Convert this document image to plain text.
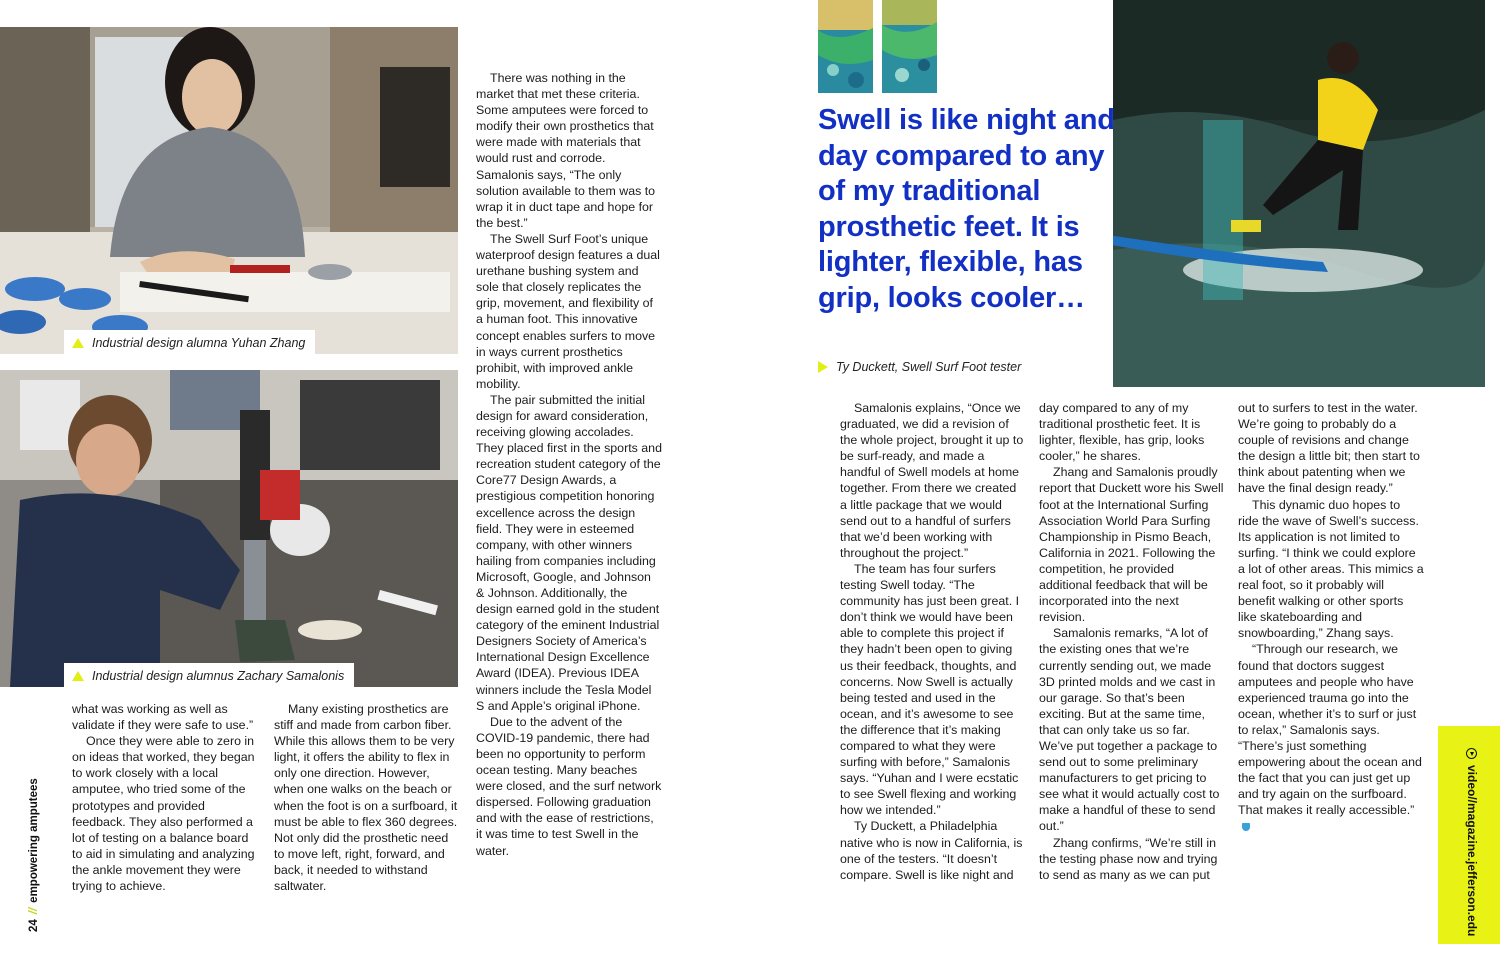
Industrial design alumna Yuhan Zhang
Industrial design alumnus Zachary Samalonis
Swell is like night and day compared to any of my traditional prosthetic feet. It is lighter, flexible, has grip, looks cooler…
Ty Duckett, Swell Surf Foot tester

There was nothing in the market that met these criteria. Some amputees were forced to modify their own prosthetics that were made with materials that would rust and corrode. Samalonis says, “The only solution available to them was to wrap it in duct tape and hope for the best.”

The Swell Surf Foot’s unique waterproof design features a dual urethane bushing system and sole that closely replicates the grip, movement, and flexibility of a human foot. This innovative concept enables surfers to move in ways current prosthetics prohibit, with improved ankle mobility.

The pair submitted the initial design for award consideration, receiving glowing accolades. They placed first in the sports and recreation student category of the Core77 Design Awards, a prestigious competition honoring excellence across the design field. They were in esteemed company, with other winners hailing from companies including Microsoft, Google, and Johnson & Johnson. Additionally, the design earned gold in the student category of the eminent Industrial Designers Society of America’s International Design Excellence Award (IDEA). Previous IDEA winners include the Tesla Model S and Apple’s original iPhone.

Due to the advent of the COVID-19 pandemic, there had been no opportunity to perform ocean testing. Many beaches were closed, and the surf network dispersed. Following graduation and with the ease of restrictions, it was time to test Swell in the water.

what was working as well as validate if they were safe to use.”

Once they were able to zero in on ideas that worked, they began to work closely with a local amputee, who tried some of the prototypes and provided feedback. They also performed a lot of testing on a balance board to aid in simulating and analyzing the ankle movement they were trying to achieve.

Many existing prosthetics are stiff and made from carbon fiber. While this allows them to be very light, it offers the ability to flex in only one direction. However, when one walks on the beach or when the foot is on a surfboard, it must be able to flex 360 degrees. Not only did the prosthetic need to move left, right, forward, and back, it needed to withstand saltwater.

Samalonis explains, “Once we graduated, we did a revision of the whole project, brought it up to be surf-ready, and made a handful of Swell models at home together. From there we created a little package that we would send out to a handful of surfers that we’d been working with throughout the project.”

The team has four surfers testing Swell today. “The community has just been great. I don’t think we would have been able to complete this project if they hadn’t been open to giving us their feedback, thoughts, and concerns. Now Swell is actually being tested and used in the ocean, and it’s awesome to see the difference that it’s making compared to what they were surfing with before,” Samalonis says. “Yuhan and I were ecstatic to see Swell flexing and working how we intended.”

Ty Duckett, a Philadelphia native who is now in California, is one of the testers. “It doesn’t compare. Swell is like night and

day compared to any of my traditional prosthetic feet. It is lighter, flexible, has grip, looks cooler,” he shares.

Zhang and Samalonis proudly report that Duckett wore his Swell foot at the International Surfing Association World Para Surfing Championship in Pismo Beach, California in 2021. Following the competition, he provided additional feedback that will be incorporated into the next revision.

Samalonis remarks, “A lot of the existing ones that we’re currently sending out, we made 3D printed molds and we cast in our garage. So that’s been exciting. But at the same time, that can only take us so far. We’ve put together a package to send out to some preliminary manufacturers to get pricing to see what it would actually cost to make a handful of these to send out.”

Zhang confirms, “We’re still in the testing phase now and trying to send as many as we can put

out to surfers to test in the water. We’re going to probably do a couple of revisions and change the design a little bit; then start to think about patenting when we have the final design ready.”

This dynamic duo hopes to ride the wave of Swell’s success. Its application is not limited to surfing. “I think we could explore a lot of other areas. This mimics a real foot, so it probably will benefit walking or other sports like skateboarding and snowboarding,” Zhang says.

“Through our research, we found that doctors suggest amputees and people who have experienced trauma go into the ocean, whether it’s to surf or just to relax,” Samalonis says. “There’s just something empowering about the ocean and the fact that you can just get up and try again on the surfboard. That makes it really accessible.”

24
//
empowering amputees	video
//
magazine.jefferson.edu
